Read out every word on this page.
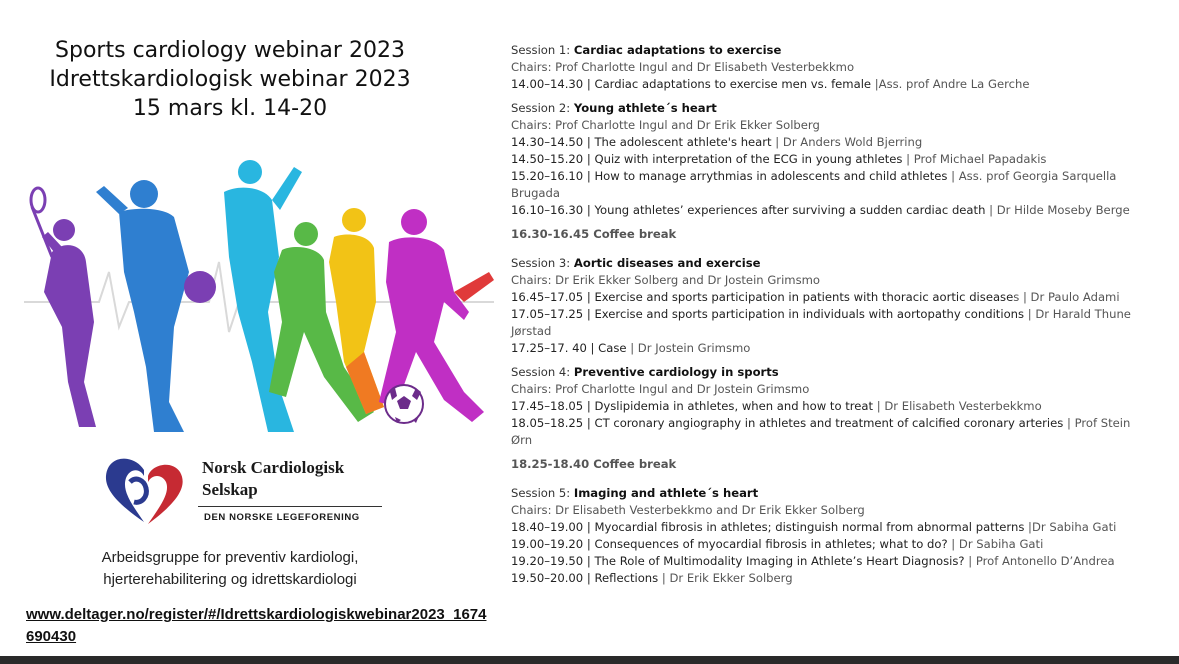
Sports cardiology webinar 2023
Idrettskardiologisk webinar 2023
15 mars kl. 14-20
Norsk Cardiologisk
Selskap
DEN NORSKE LEGEFORENING
Arbeidsgruppe for preventiv kardiologi,
hjerterehabilitering og idrettskardiologi
www.deltager.no/register/#/Idrettskardiologiskwebinar2023_1674690430
Session 1: Cardiac adaptations to exercise
Chairs: Prof Charlotte Ingul and Dr Elisabeth Vesterbekkmo
14.00–14.30 | Cardiac adaptations to exercise men vs. female |Ass. prof Andre La Gerche
Session 2: Young athlete´s heart
Chairs: Prof Charlotte Ingul and Dr Erik Ekker Solberg
14.30–14.50 | The adolescent athlete's heart | Dr Anders Wold Bjerring
14.50–15.20 | Quiz with interpretation of the ECG in young athletes | Prof Michael Papadakis
15.20–16.10 | How to manage arrythmias in adolescents and child athletes | Ass. prof Georgia Sarquella Brugada
16.10–16.30 | Young athletes’ experiences after surviving a sudden cardiac death | Dr Hilde Moseby Berge
16.30-16.45 Coffee break
Session 3: Aortic diseases and exercise
Chairs: Dr Erik Ekker Solberg and Dr Jostein Grimsmo
16.45–17.05 | Exercise and sports participation in patients with thoracic aortic diseases | Dr Paulo Adami
17.05–17.25 | Exercise and sports participation in individuals with aortopathy conditions | Dr Harald Thune Jørstad
17.25–17. 40 | Case | Dr Jostein Grimsmo
Session 4: Preventive cardiology in sports
Chairs: Prof Charlotte Ingul and Dr Jostein Grimsmo
17.45–18.05 | Dyslipidemia in athletes, when and how to treat | Dr Elisabeth Vesterbekkmo
18.05–18.25 | CT coronary angiography in athletes and treatment of calcified coronary arteries | Prof Stein Ørn
18.25-18.40 Coffee break
Session 5: Imaging and athlete´s heart
Chairs: Dr Elisabeth Vesterbekkmo and Dr Erik Ekker Solberg
18.40–19.00 | Myocardial fibrosis in athletes; distinguish normal from abnormal patterns |Dr Sabiha Gati
19.00–19.20 | Consequences of myocardial fibrosis in athletes; what to do? | Dr Sabiha Gati
19.20–19.50 | The Role of Multimodality Imaging in Athlete’s Heart Diagnosis? | Prof Antonello D’Andrea
19.50–20.00 | Reflections | Dr Erik Ekker Solberg
